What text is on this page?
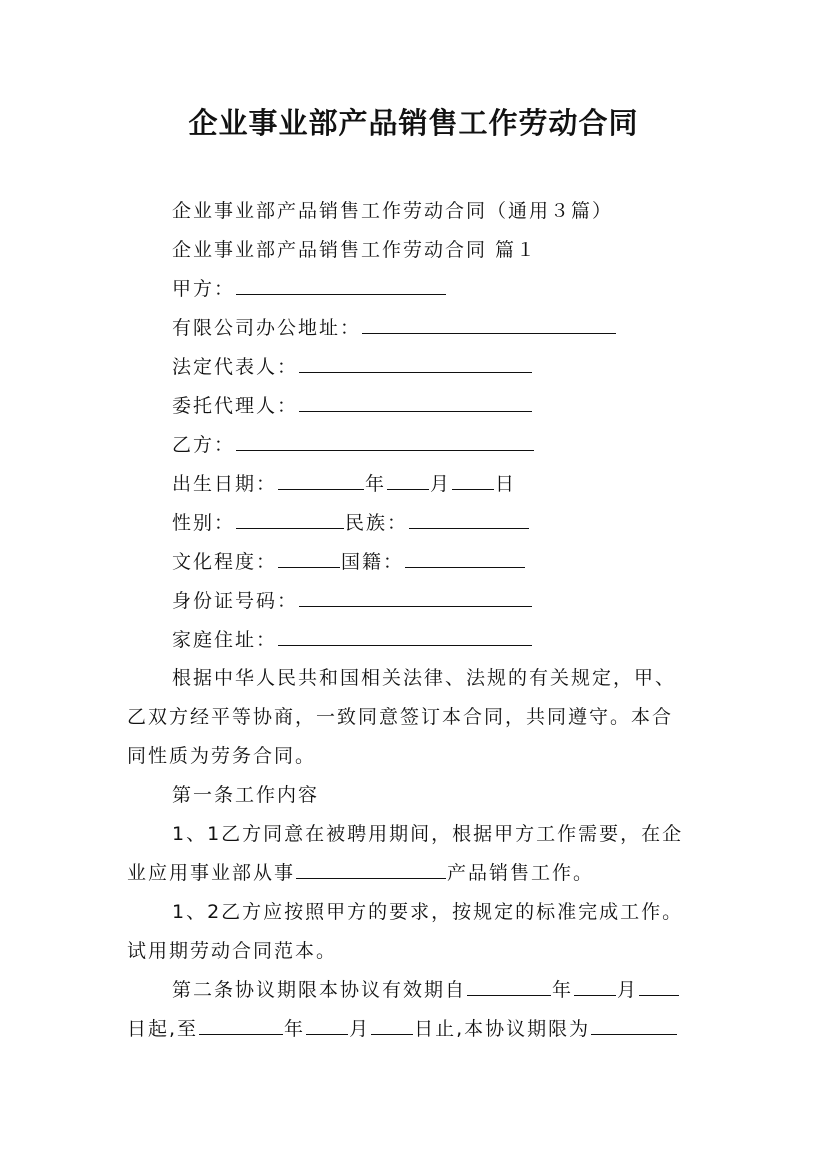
企业事业部产品销售工作劳动合同
企业事业部产品销售工作劳动合同（通用３篇）
企业事业部产品销售工作劳动合同 篇１
甲方：
有限公司办公地址：
法定代表人：
委托代理人：
乙方：
出生日期：	年 月 日
性别：	民族：
文化程度：	国籍：
身份证号码：
家庭住址：
根据中华人民共和国相关法律、法规的有关规定，甲、
乙双方经平等协商，一致同意签订本合同，共同遵守。本合
同性质为劳务合同。
第一条工作内容
1、1乙方同意在被聘用期间，根据甲方工作需要，在企
业应用事业部从事	产品销售工作。
1、2乙方应按照甲方的要求，按规定的标准完成工作。
试用期劳动合同范本。
第二条协议期限本协议有效期自	年 月
日起,至	年 月 日止,本协议期限为
